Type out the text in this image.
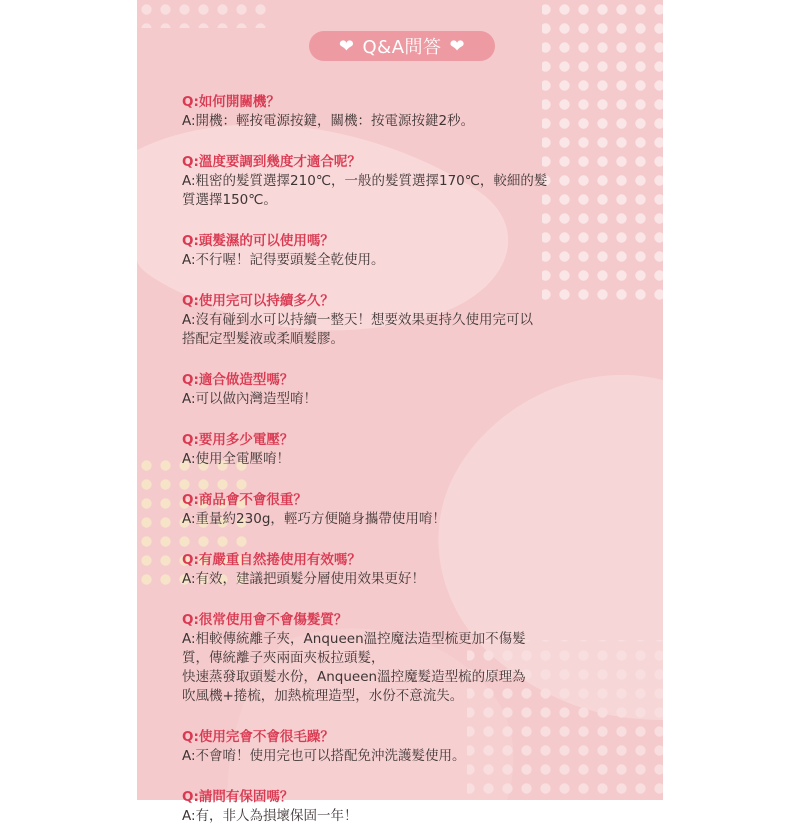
❤ Q&A問答 ❤

Q:如何開關機？

A:開機：輕按電源按鍵，關機：按電源按鍵2秒。

Q:溫度要調到幾度才適合呢？

A:粗密的髮質選擇210℃，一般的髮質選擇170℃，較細的髮
質選擇150℃。

Q:頭髮濕的可以使用嗎？

A:不行喔！記得要頭髮全乾使用。

Q:使用完可以持續多久？

A:沒有碰到水可以持續一整天！想要效果更持久使用完可以
搭配定型髮液或柔順髮膠。

Q:適合做造型嗎？

A:可以做內灣造型唷！

Q:要用多少電壓？

A:使用全電壓唷！

Q:商品會不會很重？

A:重量約230g，輕巧方便隨身攜帶使用唷！

Q:有嚴重自然捲使用有效嗎？

A:有效，建議把頭髮分層使用效果更好！

Q:很常使用會不會傷髮質？

A:相較傳統離子夾，Anqueen溫控魔法造型梳更加不傷髮
質，傳統離子夾兩面夾板拉頭髮，
快速蒸發取頭髮水份，Anqueen溫控魔髮造型梳的原理為
吹風機+捲梳，加熱梳理造型，水份不意流失。

Q:使用完會不會很毛躁？

A:不會唷！使用完也可以搭配免沖洗護髮使用。

Q:請問有保固嗎？

A:有，非人為損壞保固一年！
